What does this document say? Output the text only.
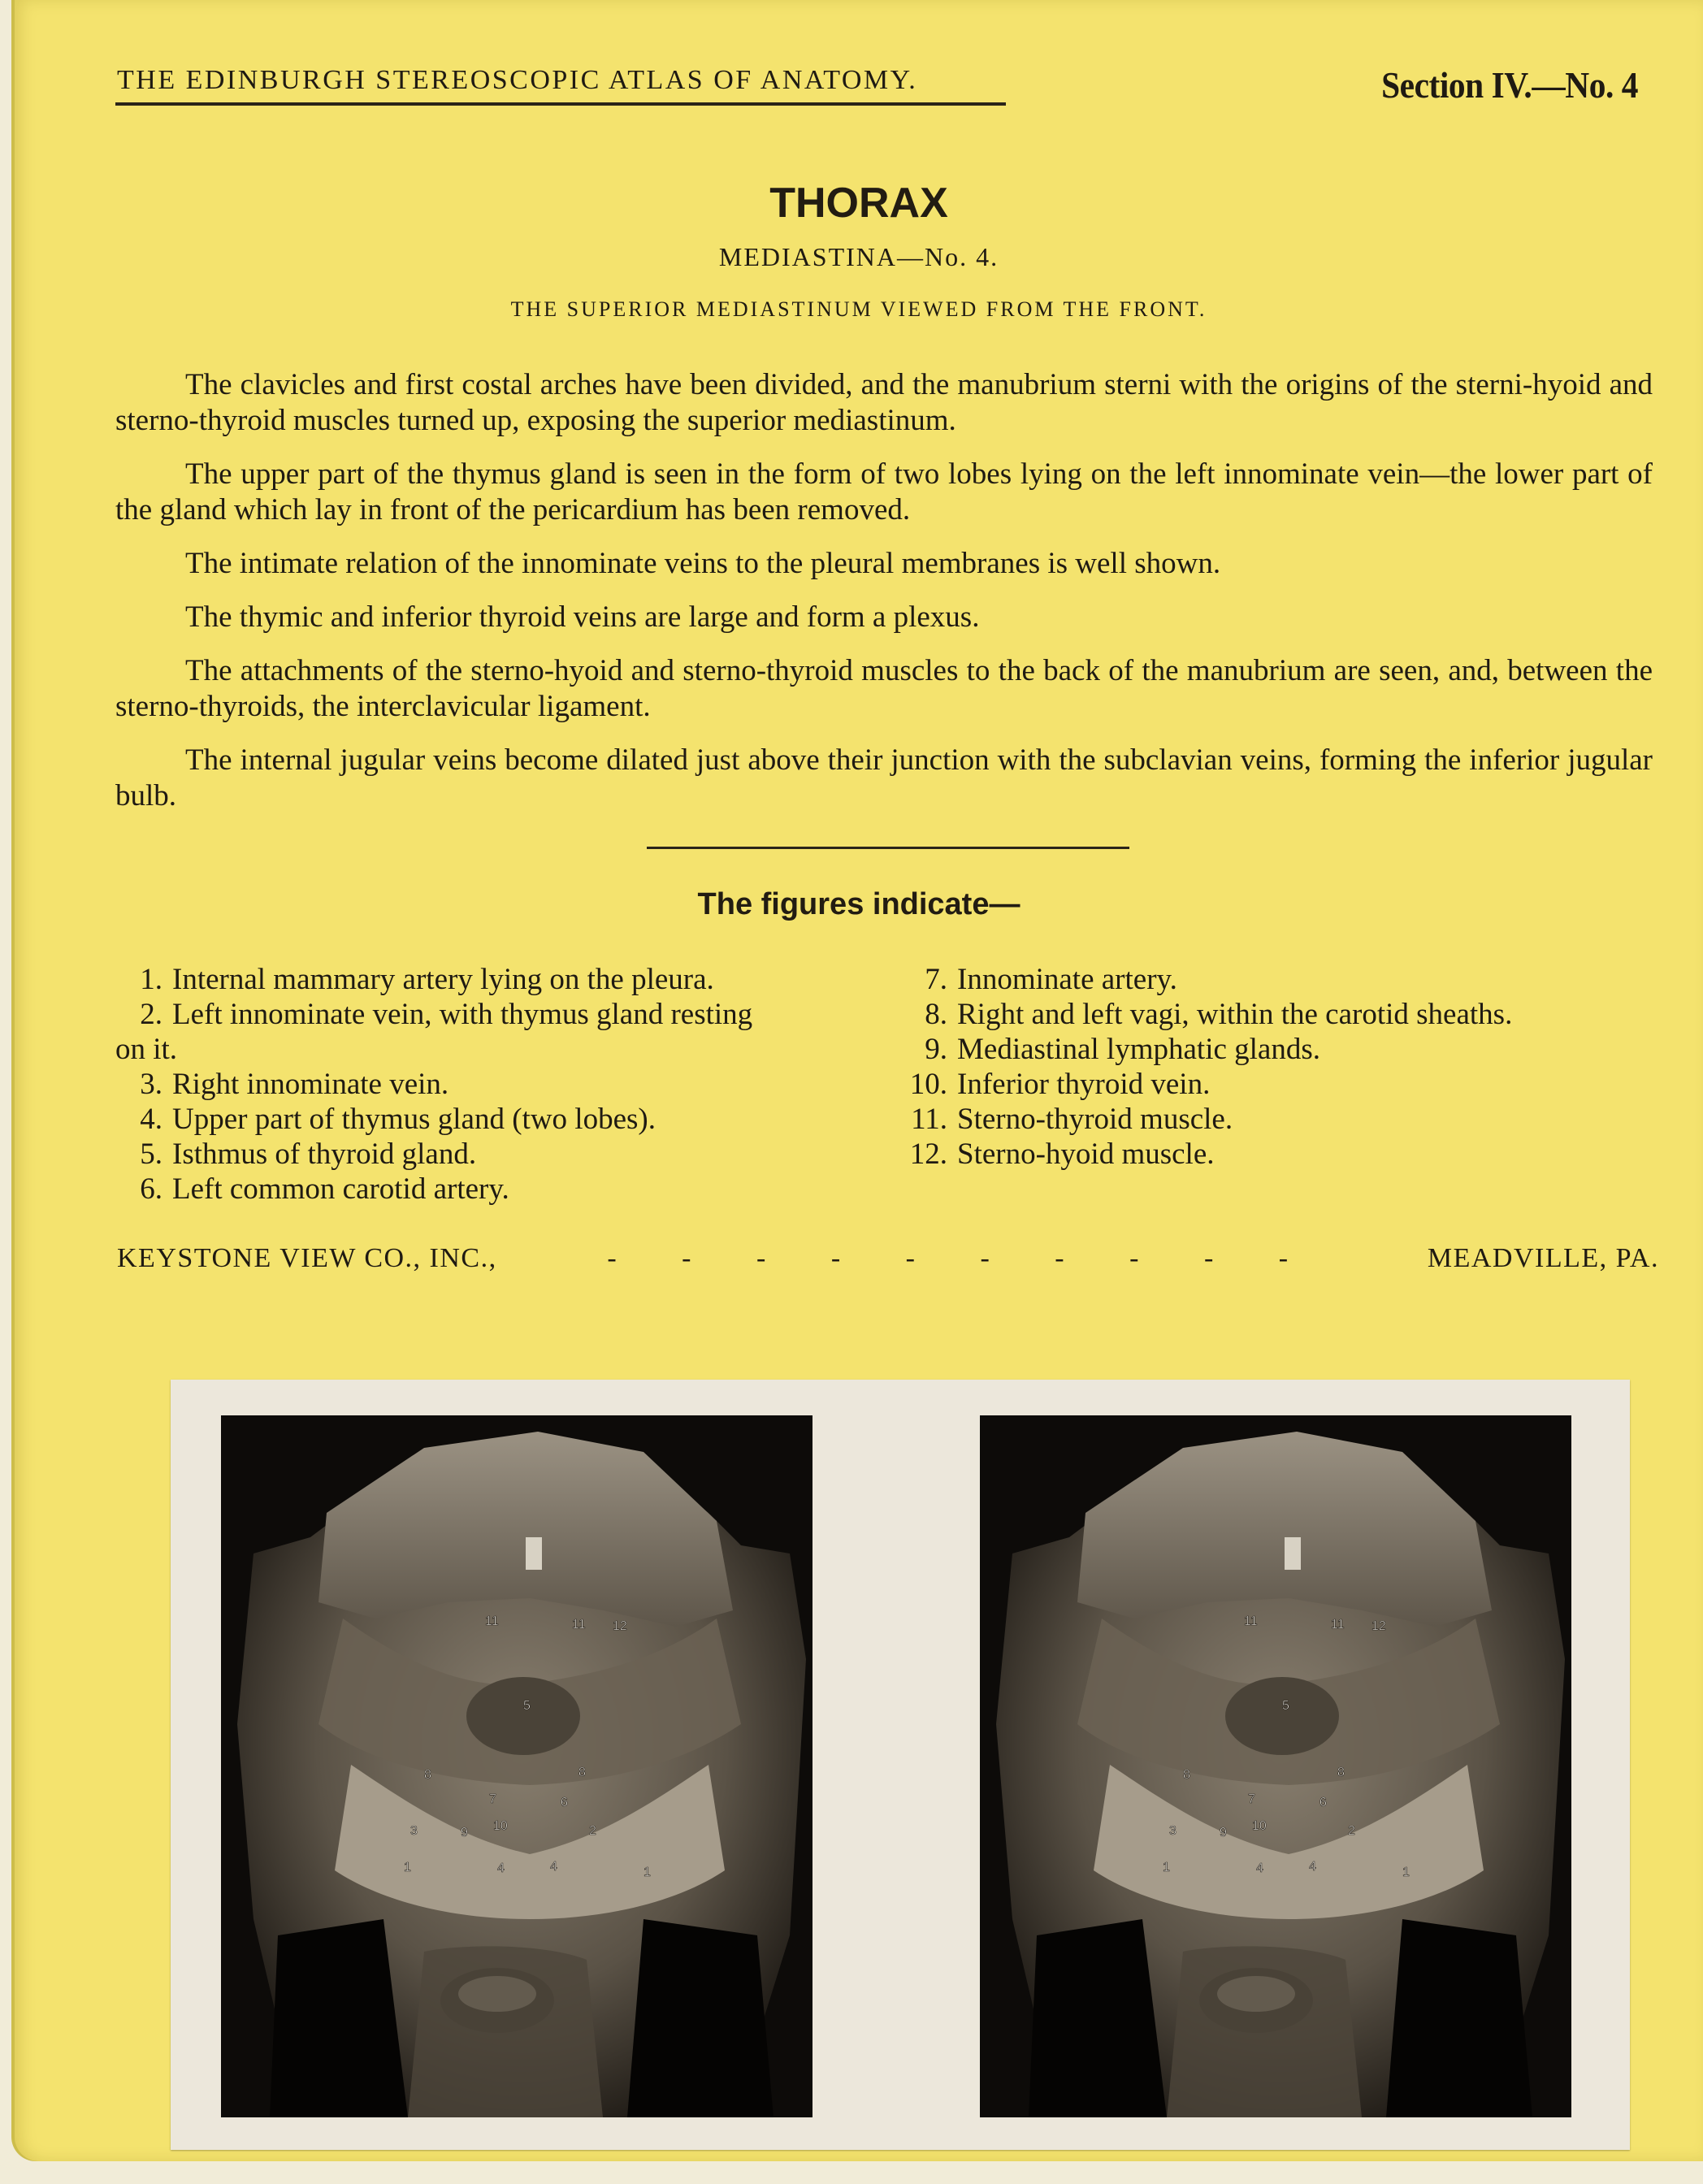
THE EDINBURGH STEREOSCOPIC ATLAS OF ANATOMY.	Section IV.—No. 4
THORAX
MEDIASTINA—No. 4.
THE SUPERIOR MEDIASTINUM VIEWED FROM THE FRONT.

The clavicles and first costal arches have been divided, and the manubrium sterni with the origins of the sterni-hyoid and sterno-thyroid muscles turned up, exposing the superior mediastinum.

The upper part of the thymus gland is seen in the form of two lobes lying on the left innominate vein—the lower part of the gland which lay in front of the pericardium has been removed.

The intimate relation of the innominate veins to the pleural membranes is well shown.

The thymic and inferior thyroid veins are large and form a plexus.

The attachments of the sterno-hyoid and sterno-thyroid muscles to the back of the manubrium are seen, and, between the sterno-thyroids, the interclavicular ligament.

The internal jugular veins become dilated just above their junction with the subclavian veins, forming the inferior jugular bulb.

The figures indicate—
1. Internal mammary artery lying on the pleura.
2. Left innominate vein, with thymus gland resting
on it.
3. Right innominate vein.
4. Upper part of thymus gland (two lobes).
5. Isthmus of thyroid gland.
6. Left common carotid artery.
7. Innominate artery.
8. Right and left vagi, within the carotid sheaths.
9. Mediastinal lymphatic glands.
10. Inferior thyroid vein.
11. Sterno-thyroid muscle.
12. Sterno-hyoid muscle.
KEYSTONE VIEW CO., INC.,	- - - - - - - - - -	MEADVILLE, PA.
11	11 12
5
8
7
8
6
3	9 10	2
1	4	4	1
11	11 12
5
8
7
8
6
3	9 10	2
1	4	4	1
